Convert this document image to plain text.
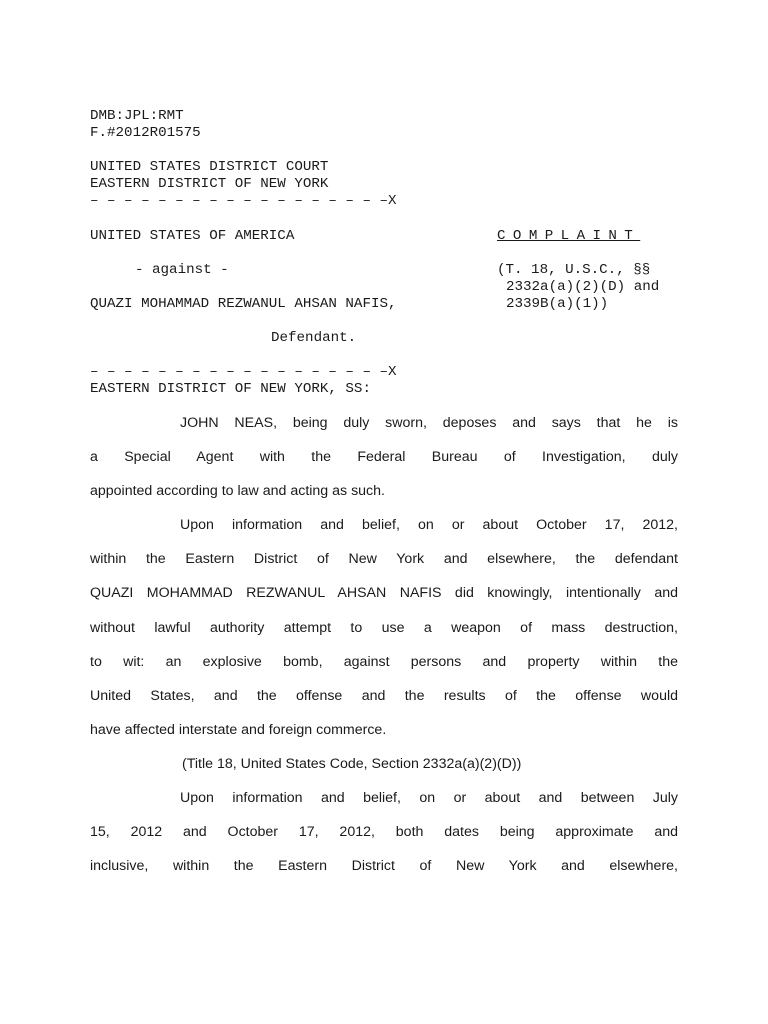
DMB:JPL:RMT
F.#2012R01575
UNITED STATES DISTRICT COURT
EASTERN DISTRICT OF NEW YORK
– – – – – – – – – – – – – – – – – –X
UNITED STATES OF AMERICA	COMPLAINT
- against -	(T. 18, U.S.C., §§
2332a(a)(2)(D) and
QUAZI MOHAMMAD REZWANUL AHSAN NAFIS,	2339B(a)(1))
Defendant.
– – – – – – – – – – – – – – – – – –X
EASTERN DISTRICT OF NEW YORK, SS:
JOHN NEAS, being duly sworn, deposes and says that he is
a Special Agent with the Federal Bureau of Investigation, duly
appointed according to law and acting as such.
Upon information and belief, on or about October 17, 2012,
within the Eastern District of New York and elsewhere, the defendant
QUAZI MOHAMMAD REZWANUL AHSAN NAFIS did knowingly, intentionally and
without lawful authority attempt to use a weapon of mass destruction,
to wit: an explosive bomb, against persons and property within the
United States, and the offense and the results of the offense would
have affected interstate and foreign commerce.
(Title 18, United States Code, Section 2332a(a)(2)(D))
Upon information and belief, on or about and between July
15, 2012 and October 17, 2012, both dates being approximate and
inclusive, within the Eastern District of New York and elsewhere,
